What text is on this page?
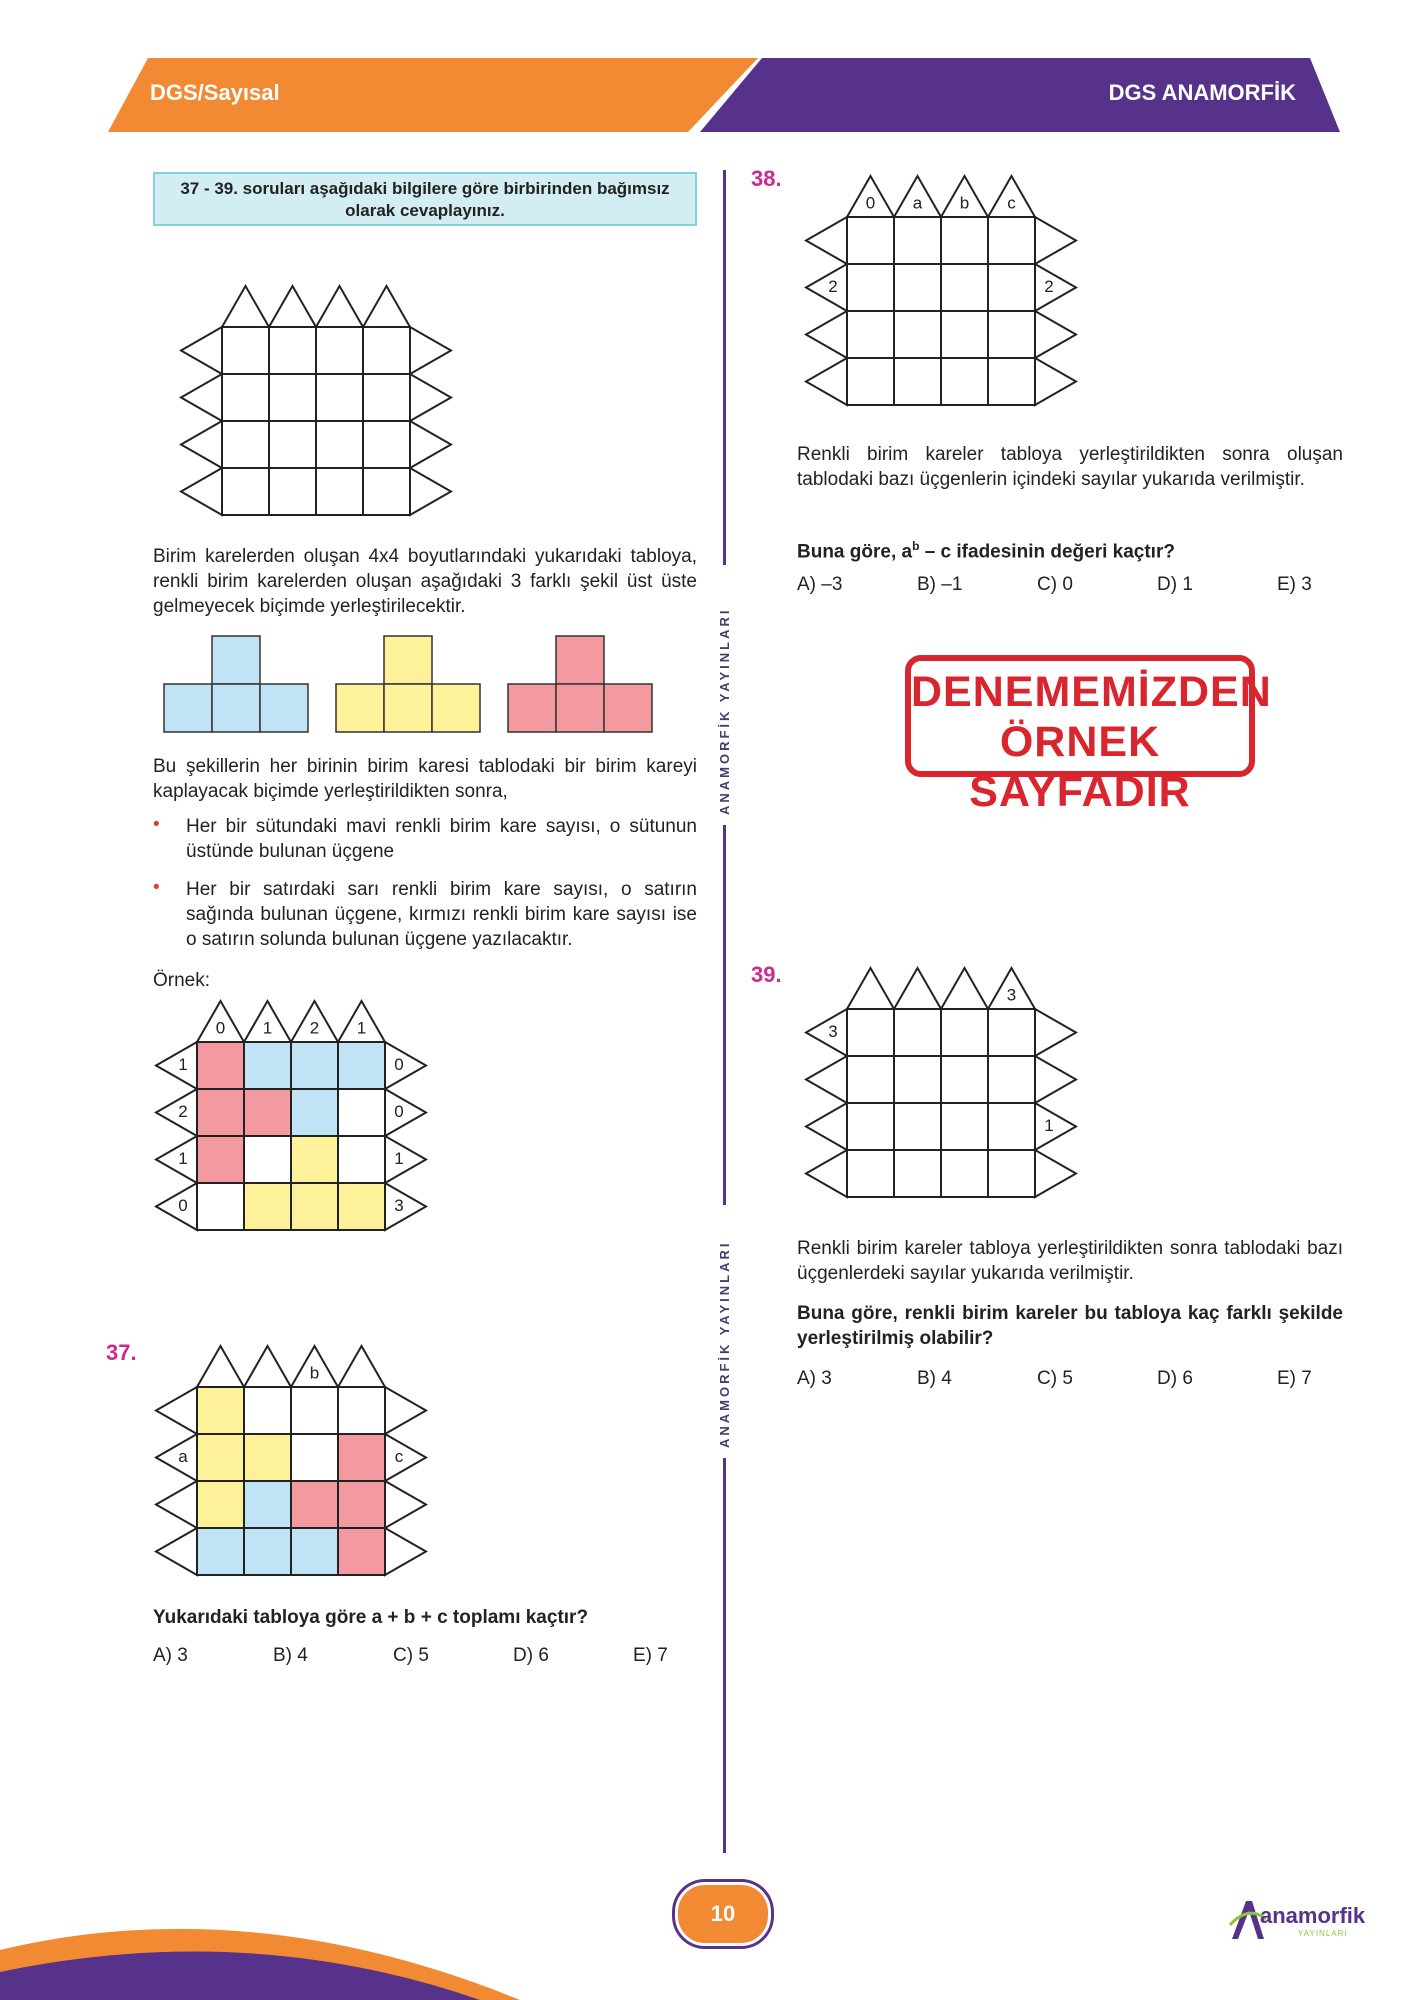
DGS/Sayısal	DGS ANAMORFİK
37 - 39. soruları aşağıdaki bilgilere göre birbirinden bağımsız olarak cevaplayınız.
Birim karelerden oluşan 4x4 boyutlarındaki yukarıdaki tabloya, renkli birim karelerden oluşan aşağıdaki 3 farklı şekil üst üste gelmeyecek biçimde yerleştirilecektir.
Bu şekillerin her birinin birim karesi tablodaki bir birim kareyi kaplayacak biçimde yerleştirildikten sonra,
• Her bir sütundaki mavi renkli birim kare sayısı, o sütunun üstünde bulunan üçgene
• Her bir satırdaki sarı renkli birim kare sayısı, o satırın sağında bulunan üçgene, kırmızı renkli birim kare sayısı ise o satırın solunda bulunan üçgene yazılacaktır.
Örnek:
0 1 2 1
1	0
2	0
1	1
0	3
37.
b
a	c
Yukarıdaki tabloya göre a + b + c toplamı kaçtır?
A) 3	B) 4	C) 5	D) 6	E) 7
ANAMORFİK YAYINLARI
ANAMORFİK YAYINLARI
38.
0 a b c
2	2
Renkli birim kareler tabloya yerleştirildikten sonra oluşan tablodaki bazı üçgenlerin içindeki sayılar yukarıda verilmiştir.
Buna göre, $a^b$ – c ifadesinin değeri kaçtır?
A) –3	B) –1	C) 0	D) 1	E) 3
DENEMEMİZDEN
ÖRNEK SAYFADIR
39.
3
3
1
Renkli birim kareler tabloya yerleştirildikten sonra tablodaki bazı üçgenlerdeki sayılar yukarıda verilmiştir.
Buna göre, renkli birim kareler bu tabloya kaç farklı şekilde yerleştirilmiş olabilir?
A) 3	B) 4	C) 5	D) 6	E) 7
10	anamorfik
YAYINLARI
